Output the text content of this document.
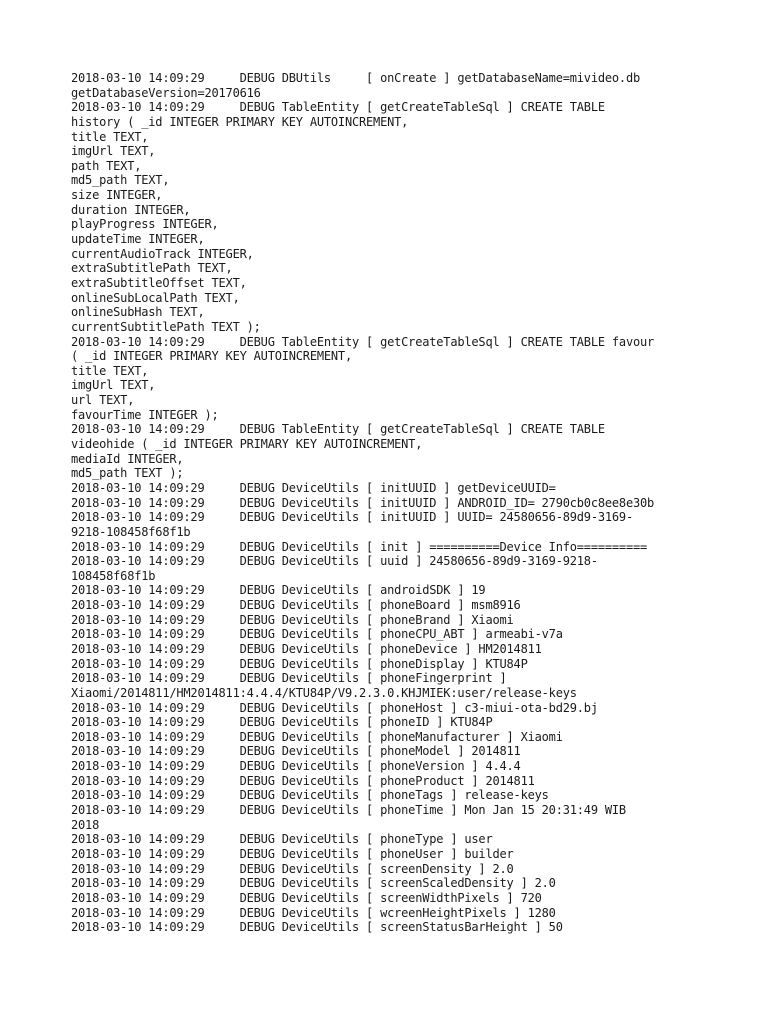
2018-03-10 14:09:29     DEBUG DBUtils     [ onCreate ] getDatabaseName=mivideo.db
getDatabaseVersion=20170616
2018-03-10 14:09:29     DEBUG TableEntity [ getCreateTableSql ] CREATE TABLE
history ( _id INTEGER PRIMARY KEY AUTOINCREMENT,
title TEXT,
imgUrl TEXT,
path TEXT,
md5_path TEXT,
size INTEGER,
duration INTEGER,
playProgress INTEGER,
updateTime INTEGER,
currentAudioTrack INTEGER,
extraSubtitlePath TEXT,
extraSubtitleOffset TEXT,
onlineSubLocalPath TEXT,
onlineSubHash TEXT,
currentSubtitlePath TEXT );
2018-03-10 14:09:29     DEBUG TableEntity [ getCreateTableSql ] CREATE TABLE favour
( _id INTEGER PRIMARY KEY AUTOINCREMENT,
title TEXT,
imgUrl TEXT,
url TEXT,
favourTime INTEGER );
2018-03-10 14:09:29     DEBUG TableEntity [ getCreateTableSql ] CREATE TABLE
videohide ( _id INTEGER PRIMARY KEY AUTOINCREMENT,
mediaId INTEGER,
md5_path TEXT );
2018-03-10 14:09:29     DEBUG DeviceUtils [ initUUID ] getDeviceUUID=
2018-03-10 14:09:29     DEBUG DeviceUtils [ initUUID ] ANDROID_ID= 2790cb0c8ee8e30b
2018-03-10 14:09:29     DEBUG DeviceUtils [ initUUID ] UUID= 24580656-89d9-3169-
9218-108458f68f1b
2018-03-10 14:09:29     DEBUG DeviceUtils [ init ] ==========Device Info==========
2018-03-10 14:09:29     DEBUG DeviceUtils [ uuid ] 24580656-89d9-3169-9218-
108458f68f1b
2018-03-10 14:09:29     DEBUG DeviceUtils [ androidSDK ] 19
2018-03-10 14:09:29     DEBUG DeviceUtils [ phoneBoard ] msm8916
2018-03-10 14:09:29     DEBUG DeviceUtils [ phoneBrand ] Xiaomi
2018-03-10 14:09:29     DEBUG DeviceUtils [ phoneCPU_ABT ] armeabi-v7a
2018-03-10 14:09:29     DEBUG DeviceUtils [ phoneDevice ] HM2014811
2018-03-10 14:09:29     DEBUG DeviceUtils [ phoneDisplay ] KTU84P
2018-03-10 14:09:29     DEBUG DeviceUtils [ phoneFingerprint ]
Xiaomi/2014811/HM2014811:4.4.4/KTU84P/V9.2.3.0.KHJMIEK:user/release-keys
2018-03-10 14:09:29     DEBUG DeviceUtils [ phoneHost ] c3-miui-ota-bd29.bj
2018-03-10 14:09:29     DEBUG DeviceUtils [ phoneID ] KTU84P
2018-03-10 14:09:29     DEBUG DeviceUtils [ phoneManufacturer ] Xiaomi
2018-03-10 14:09:29     DEBUG DeviceUtils [ phoneModel ] 2014811
2018-03-10 14:09:29     DEBUG DeviceUtils [ phoneVersion ] 4.4.4
2018-03-10 14:09:29     DEBUG DeviceUtils [ phoneProduct ] 2014811
2018-03-10 14:09:29     DEBUG DeviceUtils [ phoneTags ] release-keys
2018-03-10 14:09:29     DEBUG DeviceUtils [ phoneTime ] Mon Jan 15 20:31:49 WIB
2018
2018-03-10 14:09:29     DEBUG DeviceUtils [ phoneType ] user
2018-03-10 14:09:29     DEBUG DeviceUtils [ phoneUser ] builder
2018-03-10 14:09:29     DEBUG DeviceUtils [ screenDensity ] 2.0
2018-03-10 14:09:29     DEBUG DeviceUtils [ screenScaledDensity ] 2.0
2018-03-10 14:09:29     DEBUG DeviceUtils [ screenWidthPixels ] 720
2018-03-10 14:09:29     DEBUG DeviceUtils [ wcreenHeightPixels ] 1280
2018-03-10 14:09:29     DEBUG DeviceUtils [ screenStatusBarHeight ] 50
